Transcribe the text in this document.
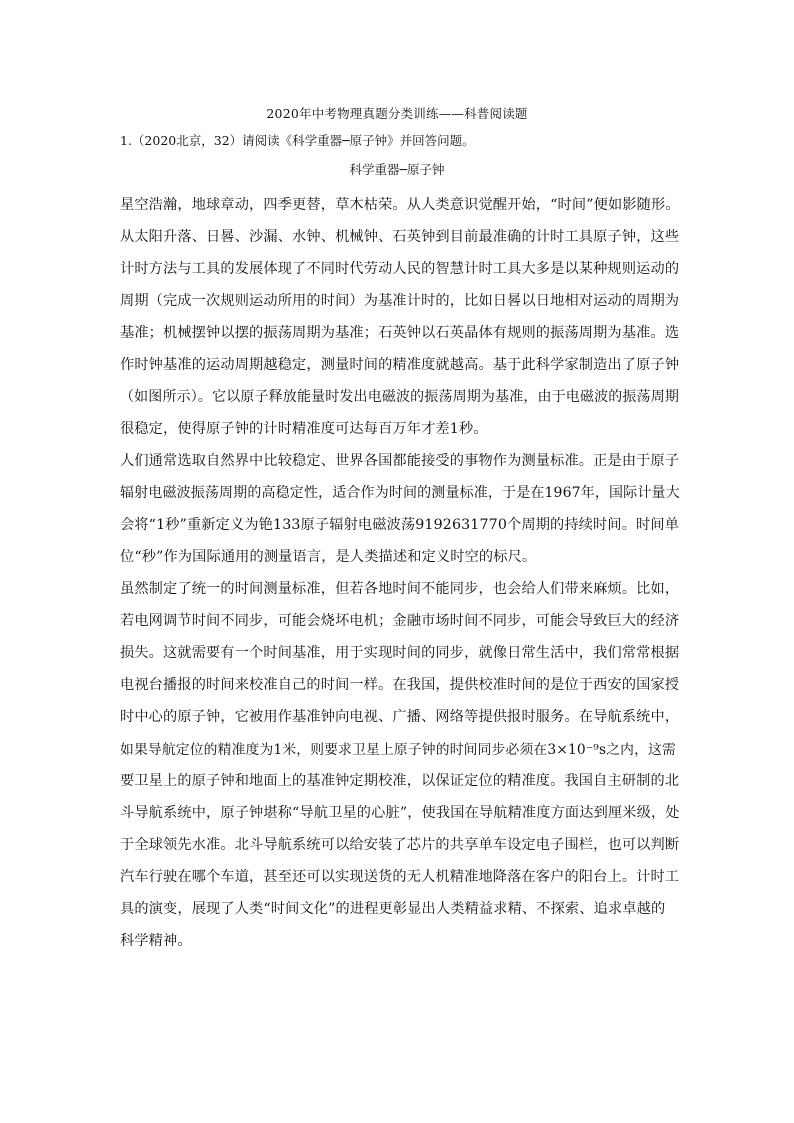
2020年中考物理真题分类训练——科普阅读题
1.（2020北京，32）请阅读《科学重器─原子钟》并回答问题。
科学重器─原子钟
星空浩瀚，地球章动，四季更替，草木枯荣。从人类意识觉醒开始，“时间”便如影随形。
从太阳升落、日晷、沙漏、水钟、机械钟、石英钟到目前最准确的计时工具原子钟，这些
计时方法与工具的发展体现了不同时代劳动人民的智慧计时工具大多是以某种规则运动的
周期（完成一次规则运动所用的时间）为基准计时的，比如日晷以日地相对运动的周期为
基准；机械摆钟以摆的振荡周期为基准；石英钟以石英晶体有规则的振荡周期为基准。选
作时钟基准的运动周期越稳定，测量时间的精准度就越高。基于此科学家制造出了原子钟
（如图所示）。它以原子释放能量时发出电磁波的振荡周期为基准，由于电磁波的振荡周期
很稳定，使得原子钟的计时精准度可达每百万年才差1秒。
人们通常选取自然界中比较稳定、世界各国都能接受的事物作为测量标准。正是由于原子
辐射电磁波振荡周期的高稳定性，适合作为时间的测量标准，于是在1967年，国际计量大
会将“1秒”重新定义为铯133原子辐射电磁波荡9192631770个周期的持续时间。时间单
位“秒”作为国际通用的测量语言，是人类描述和定义时空的标尺。
虽然制定了统一的时间测量标准，但若各地时间不能同步，也会给人们带来麻烦。比如，
若电网调节时间不同步，可能会烧坏电机；金融市场时间不同步，可能会导致巨大的经济
损失。这就需要有一个时间基准，用于实现时间的同步，就像日常生活中，我们常常根据
电视台播报的时间来校准自己的时间一样。在我国，提供校准时间的是位于西安的国家授
时中心的原子钟，它被用作基准钟向电视、广播、网络等提供报时服务。在导航系统中，
如果导航定位的精准度为1米，则要求卫星上原子钟的时间同步必须在3×10⁻⁹s之内，这需
要卫星上的原子钟和地面上的基准钟定期校准，以保证定位的精准度。我国自主研制的北
斗导航系统中，原子钟堪称“导航卫星的心脏”，使我国在导航精准度方面达到厘米级，处
于全球领先水准。北斗导航系统可以给安装了芯片的共享单车设定电子围栏，也可以判断
汽车行驶在哪个车道，甚至还可以实现送货的无人机精准地降落在客户的阳台上。计时工
具的演变，展现了人类“时间文化”的进程更彰显出人类精益求精、不探索、追求卓越的
科学精神。
